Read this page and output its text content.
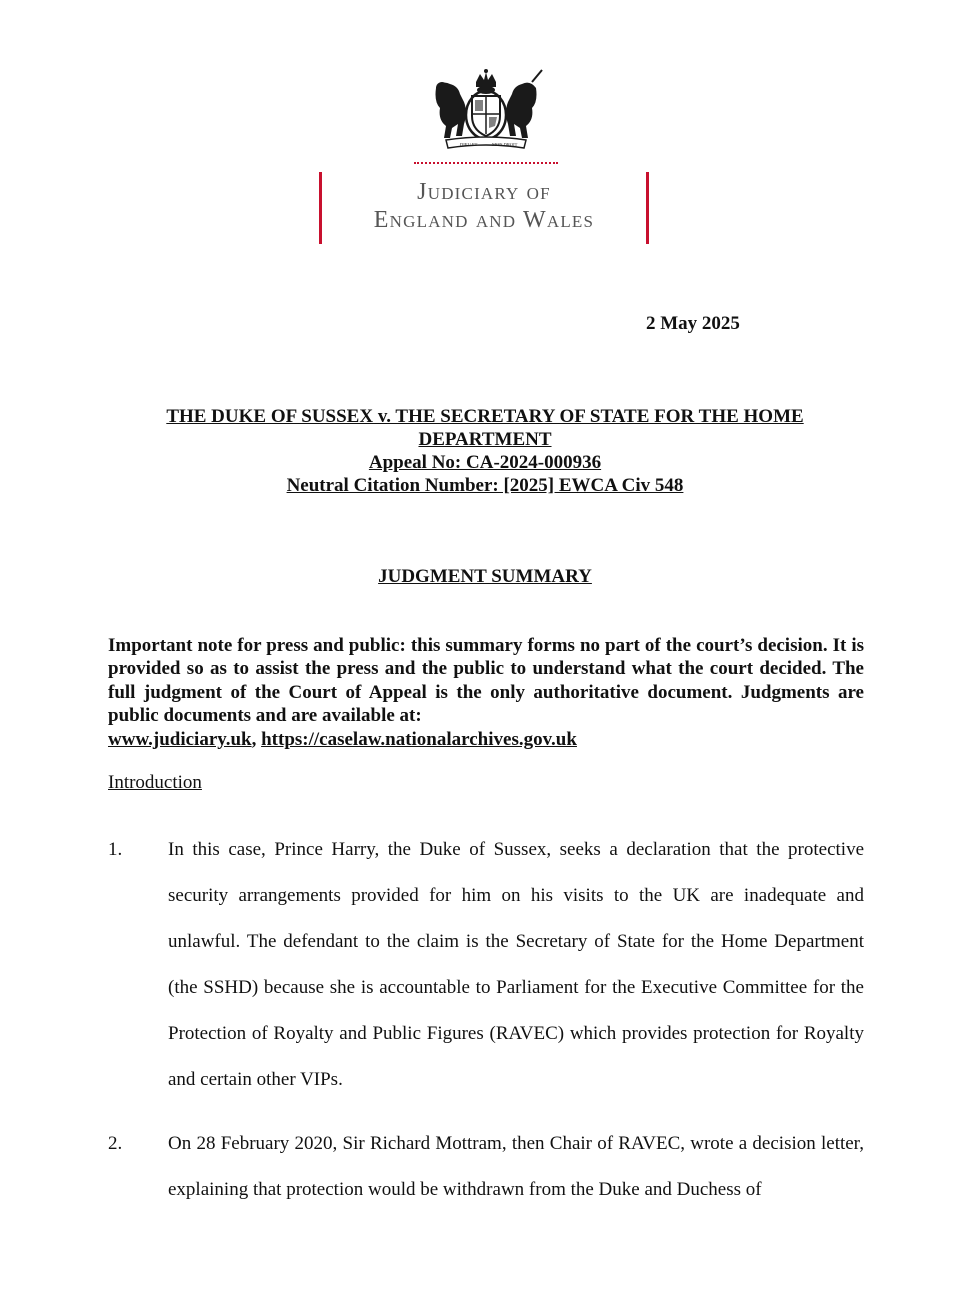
DIEU ET	MON DROIT
Judiciary of
England and Wales
2 May 2025
THE DUKE OF SUSSEX v. THE SECRETARY OF STATE FOR THE HOME
DEPARTMENT
Appeal No: CA-2024-000936
Neutral Citation Number: [2025] EWCA Civ 548
JUDGMENT SUMMARY
Important note for press and public: this summary forms no part of the court’s decision. It is provided so as to assist the press and the public to understand what the court decided. The full judgment of the Court of Appeal is the only authoritative document. Judgments are public documents and are available at:
www.judiciary.uk, https://caselaw.nationalarchives.gov.uk
Introduction
1. In this case, Prince Harry, the Duke of Sussex, seeks a declaration that the protective security arrangements provided for him on his visits to the UK are inadequate and unlawful. The defendant to the claim is the Secretary of State for the Home Department (the SSHD) because she is accountable to Parliament for the Executive Committee for the Protection of Royalty and Public Figures (RAVEC) which provides protection for Royalty and certain other VIPs.
2. On 28 February 2020, Sir Richard Mottram, then Chair of RAVEC, wrote a decision letter, explaining that protection would be withdrawn from the Duke and Duchess of
